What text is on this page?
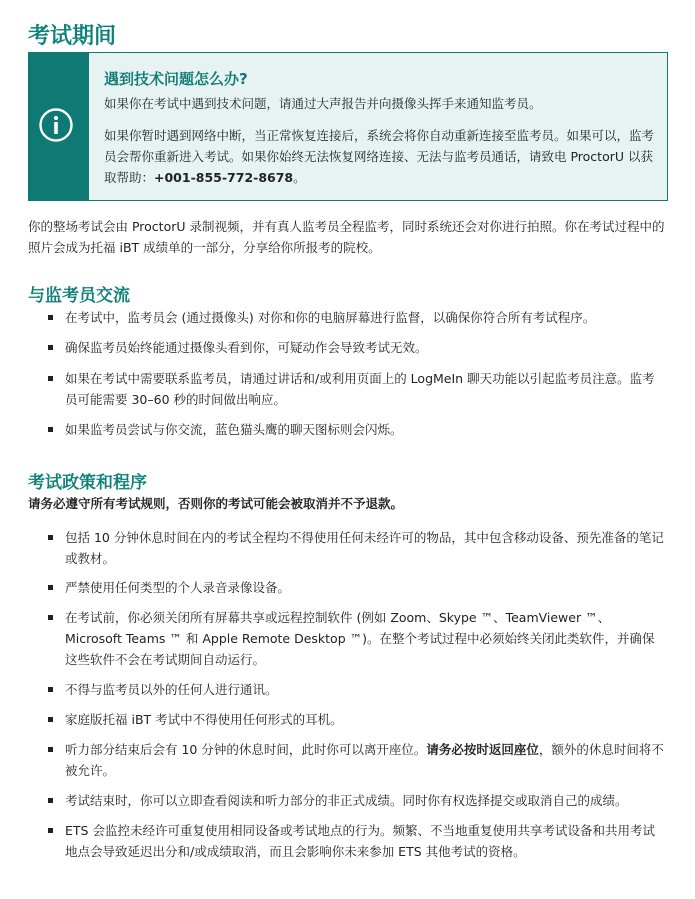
考试期间
遇到技术问题怎么办?
如果你在考试中遇到技术问题，请通过大声报告并向摄像头挥手来通知监考员。
如果你暂时遇到网络中断，当正常恢复连接后，系统会将你自动重新连接至监考员。如果可以，监考员会帮你重新进入考试。如果你始终无法恢复网络连接、无法与监考员通话，请致电 ProctorU 以获取帮助：+001-855-772-8678。
你的整场考试会由 ProctorU 录制视频，并有真人监考员全程监考，同时系统还会对你进行拍照。你在考试过程中的照片会成为托福 iBT 成绩单的一部分，分享给你所报考的院校。
与监考员交流
在考试中，监考员会 (通过摄像头) 对你和你的电脑屏幕进行监督，以确保你符合所有考试程序。
确保监考员始终能通过摄像头看到你，可疑动作会导致考试无效。
如果在考试中需要联系监考员，请通过讲话和/或利用页面上的 LogMeIn 聊天功能以引起监考员注意。监考员可能需要 30–60 秒的时间做出响应。
如果监考员尝试与你交流，蓝色猫头鹰的聊天图标则会闪烁。
考试政策和程序
请务必遵守所有考试规则，否则你的考试可能会被取消并不予退款。
包括 10 分钟休息时间在内的考试全程均不得使用任何未经许可的物品，其中包含移动设备、预先准备的笔记或教材。
严禁使用任何类型的个人录音录像设备。
在考试前，你必须关闭所有屏幕共享或远程控制软件 (例如 Zoom、Skype ™、TeamViewer ™、Microsoft Teams ™ 和 Apple Remote Desktop ™)。在整个考试过程中必须始终关闭此类软件，并确保这些软件不会在考试期间自动运行。
不得与监考员以外的任何人进行通讯。
家庭版托福 iBT 考试中不得使用任何形式的耳机。
听力部分结束后会有 10 分钟的休息时间，此时你可以离开座位。请务必按时返回座位，额外的休息时间将不被允许。
考试结束时，你可以立即查看阅读和听力部分的非正式成绩。同时你有权选择提交或取消自己的成绩。
ETS 会监控未经许可重复使用相同设备或考试地点的行为。频繁、不当地重复使用共享考试设备和共用考试地点会导致延迟出分和/或成绩取消，而且会影响你未来参加 ETS 其他考试的资格。
